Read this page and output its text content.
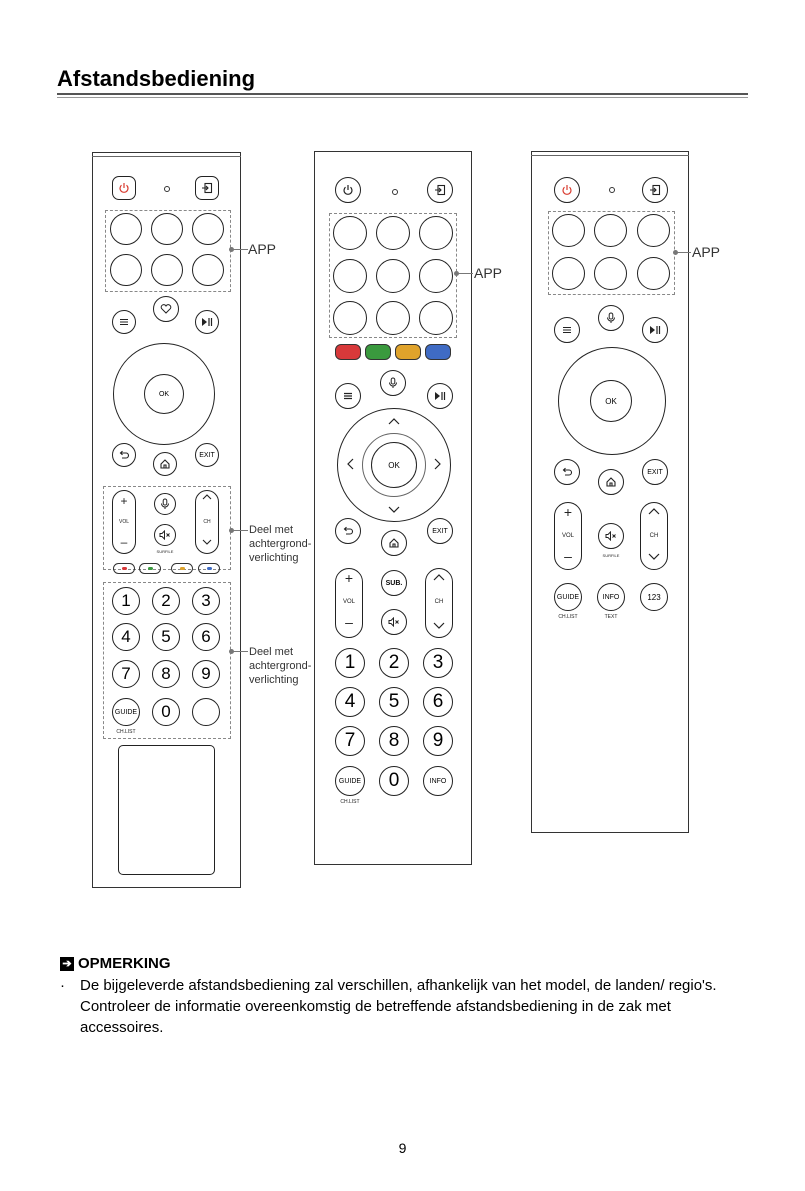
Afstandsbediening
OK
EXIT
+
VOL
–
SURFILE
CH
1 2 3
4 5 6
7 8 9
GUIDE
CH.LIST
0
APP
Deel met
achtergrond-
verlichting
Deel met
achtergrond-
verlichting
OK
EXIT
+
VOL
–
SUB.
CH
1 2 3
4 5 6
7 8 9
GUIDE
CH.LIST
0	INFO
APP
OK
EXIT
+
VOL
–	SURFILE
CH
GUIDE
CH.LIST
INFO
TEXT
123
APP
➔ OPMERKING
· De bijgeleverde afstandsbediening zal verschillen, afhankelijk van het model, de landen/ regio's. Controleer de informatie overeenkomstig de betreffende afstandsbediening in de zak met accessoires.
9
